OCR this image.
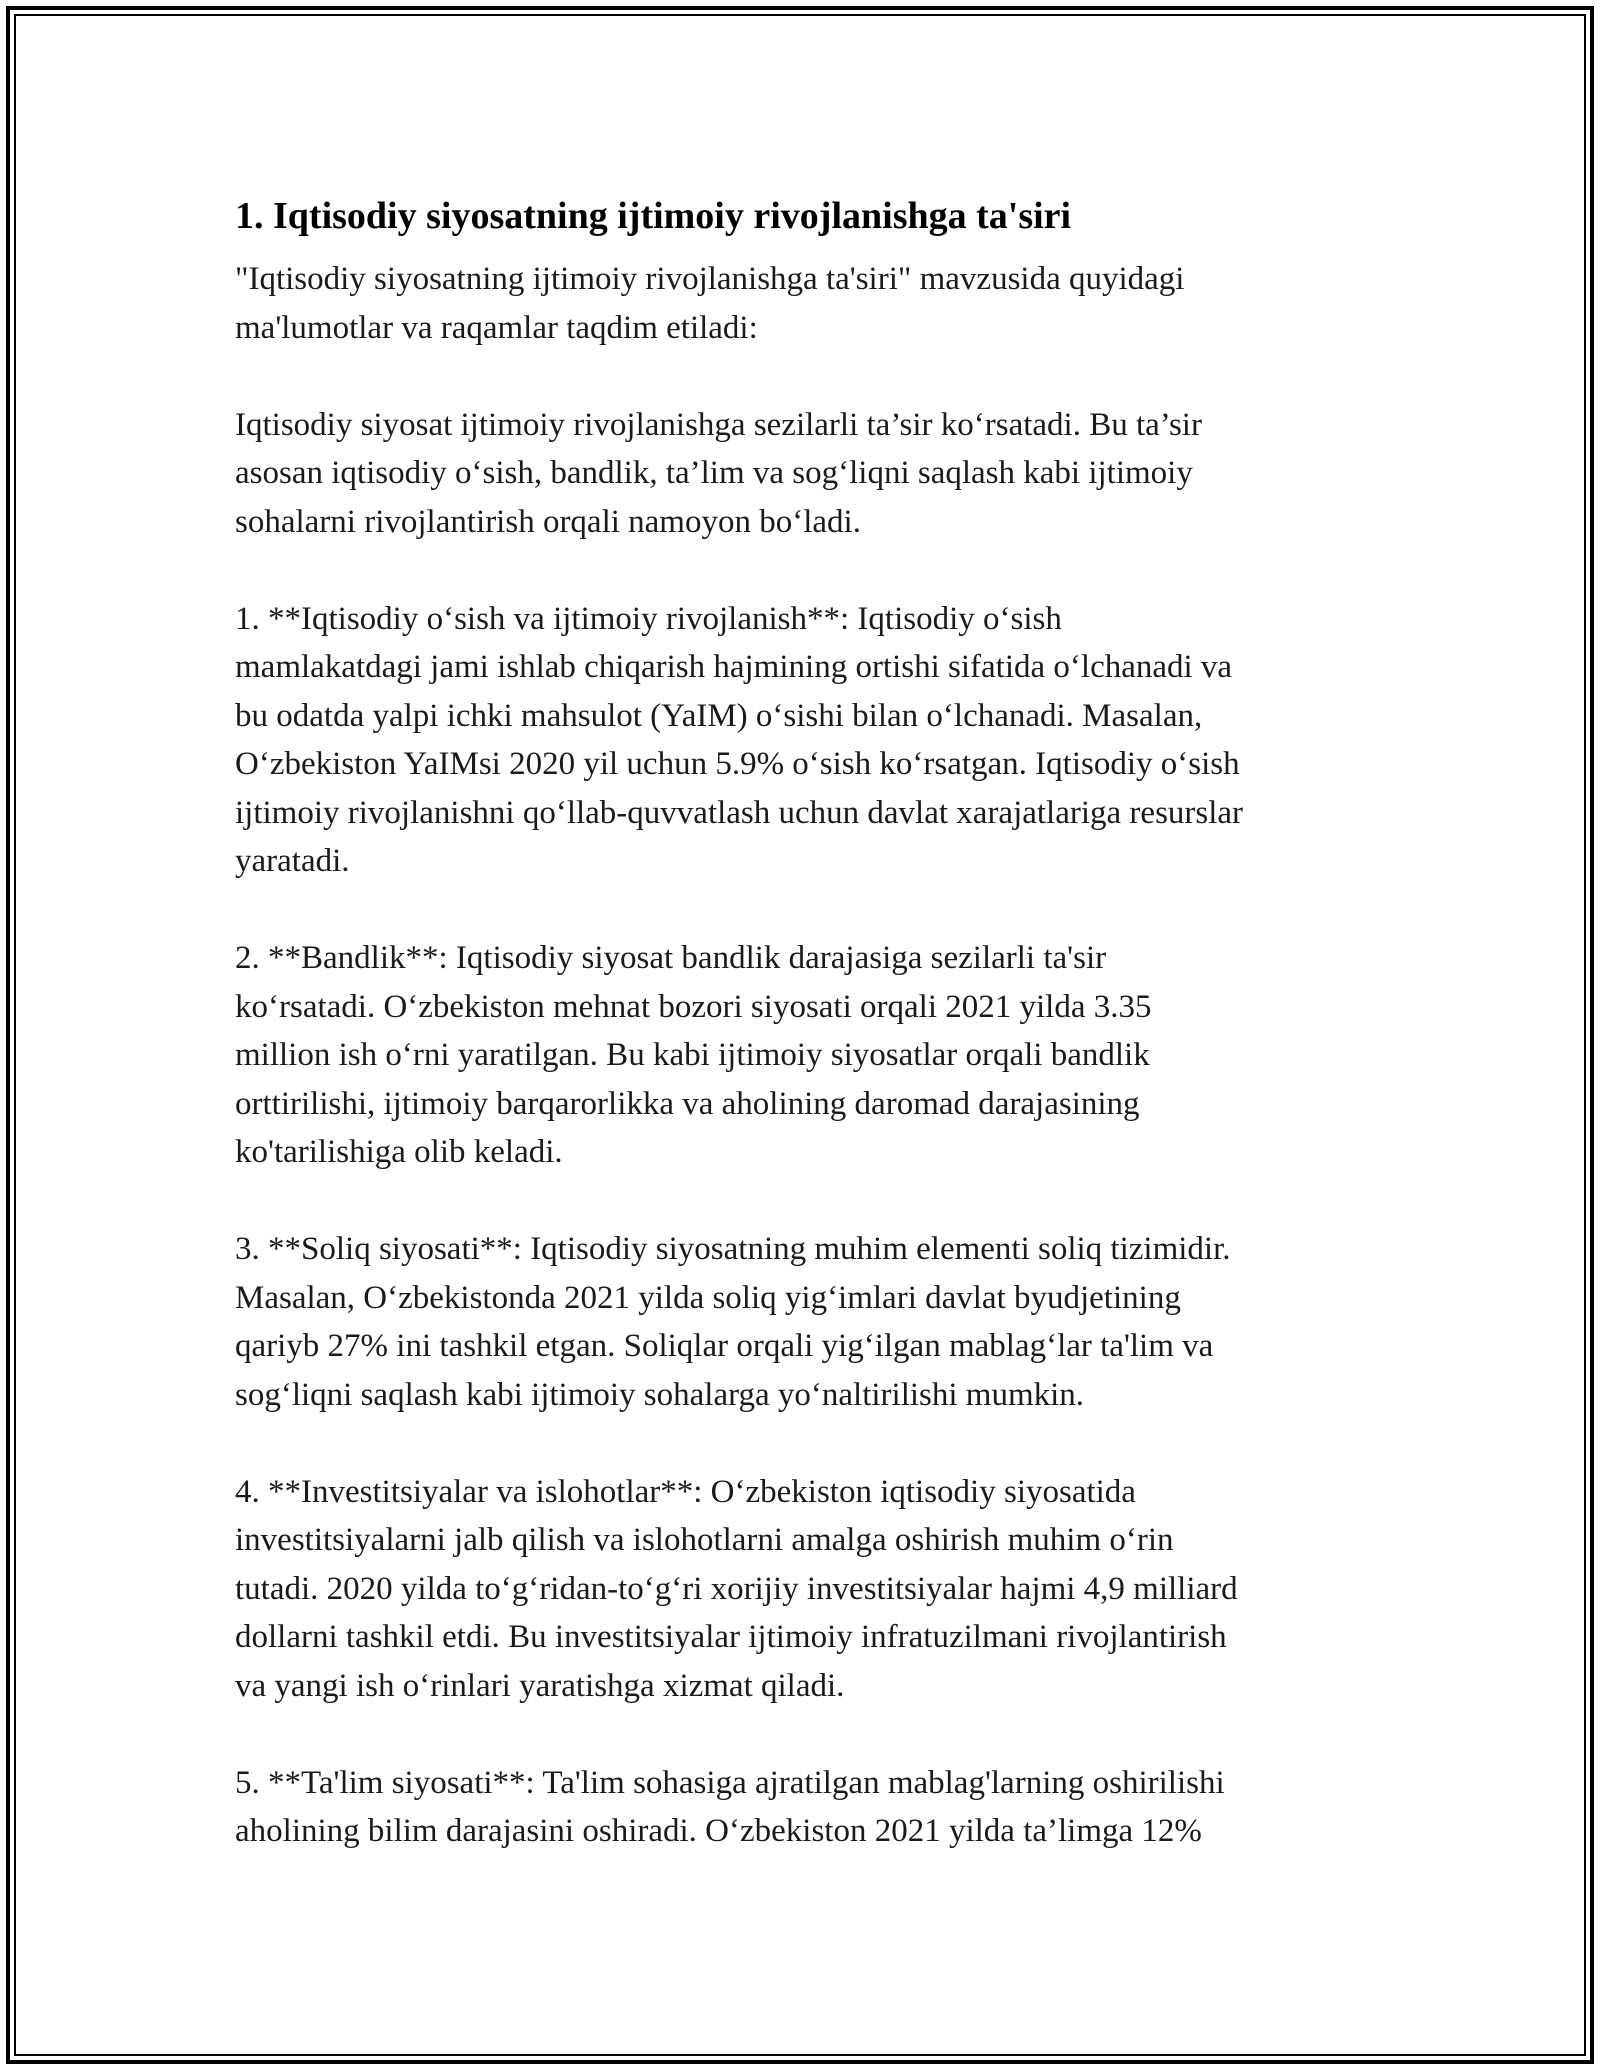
1. Iqtisodiy siyosatning ijtimoiy rivojlanishga ta'siri

"Iqtisodiy siyosatning ijtimoiy rivojlanishga ta'siri" mavzusida quyidagi
ma'lumotlar va raqamlar taqdim etiladi:

Iqtisodiy siyosat ijtimoiy rivojlanishga sezilarli ta’sir koʻrsatadi. Bu ta’sir
asosan iqtisodiy oʻsish, bandlik, ta’lim va sogʻliqni saqlash kabi ijtimoiy
sohalarni rivojlantirish orqali namoyon boʻladi.

1. **Iqtisodiy oʻsish va ijtimoiy rivojlanish**: Iqtisodiy oʻsish
mamlakatdagi jami ishlab chiqarish hajmining ortishi sifatida oʻlchanadi va
bu odatda yalpi ichki mahsulot (YaIM) oʻsishi bilan oʻlchanadi. Masalan,
Oʻzbekiston YaIMsi 2020 yil uchun 5.9% oʻsish koʻrsatgan. Iqtisodiy oʻsish
ijtimoiy rivojlanishni qoʻllab-quvvatlash uchun davlat xarajatlariga resurslar
yaratadi.

2. **Bandlik**: Iqtisodiy siyosat bandlik darajasiga sezilarli ta'sir
koʻrsatadi. Oʻzbekiston mehnat bozori siyosati orqali 2021 yilda 3.35
million ish oʻrni yaratilgan. Bu kabi ijtimoiy siyosatlar orqali bandlik
orttirilishi, ijtimoiy barqarorlikka va aholining daromad darajasining
ko'tarilishiga olib keladi.

3. **Soliq siyosati**: Iqtisodiy siyosatning muhim elementi soliq tizimidir.
Masalan, Oʻzbekistonda 2021 yilda soliq yigʻimlari davlat byudjetining
qariyb 27% ini tashkil etgan. Soliqlar orqali yigʻilgan mablagʻlar ta'lim va
sogʻliqni saqlash kabi ijtimoiy sohalarga yoʻnaltirilishi mumkin.

4. **Investitsiyalar va islohotlar**: Oʻzbekiston iqtisodiy siyosatida
investitsiyalarni jalb qilish va islohotlarni amalga oshirish muhim oʻrin
tutadi. 2020 yilda toʻgʻridan-toʻgʻri xorijiy investitsiyalar hajmi 4,9 milliard
dollarni tashkil etdi. Bu investitsiyalar ijtimoiy infratuzilmani rivojlantirish
va yangi ish oʻrinlari yaratishga xizmat qiladi.

5. **Ta'lim siyosati**: Ta'lim sohasiga ajratilgan mablag'larning oshirilishi
aholining bilim darajasini oshiradi. Oʻzbekiston 2021 yilda ta’limga 12%
